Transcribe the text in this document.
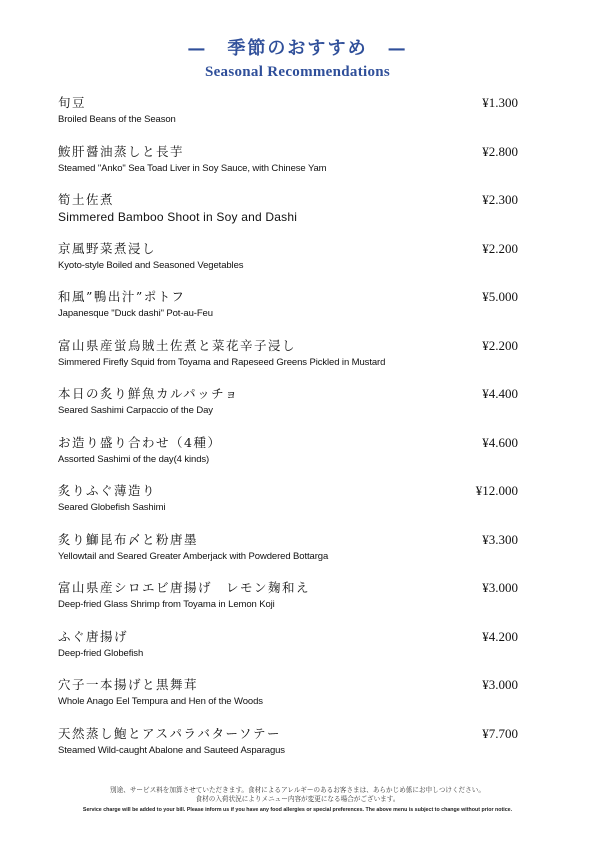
—　季節のおすすめ　—
Seasonal Recommendations
旬豆
Broiled Beans of the Season
¥1.300
鮟肝醤油蒸しと長芋
Steamed "Anko" Sea Toad Liver in Soy Sauce, with Chinese Yam
¥2.800
筍土佐煮
Simmered Bamboo Shoot in Soy and Dashi
¥2.300
京風野菜煮浸し
Kyoto-style Boiled and Seasoned Vegetables
¥2.200
和風”鴨出汁”ポトフ
Japanesque "Duck dashi" Pot-au-Feu
¥5.000
富山県産蛍烏賊土佐煮と菜花辛子浸し
Simmered Firefly Squid from Toyama and Rapeseed Greens Pickled in Mustard
¥2.200
本日の炙り鮮魚カルパッチョ
Seared Sashimi Carpaccio of the Day
¥4.400
お造り盛り合わせ（4種）
Assorted Sashimi of the day(4 kinds)
¥4.600
炙りふぐ薄造り
Seared Globefish Sashimi
¥12.000
炙り鰤昆布〆と粉唐墨
Yellowtail and Seared Greater Amberjack with Powdered Bottarga
¥3.300
富山県産シロエビ唐揚げ　レモン麹和え
Deep-fried Glass Shrimp from Toyama in Lemon Koji
¥3.000
ふぐ唐揚げ
Deep-fried Globefish
¥4.200
穴子一本揚げと黒舞茸
Whole Anago Eel Tempura and Hen of the Woods
¥3.000
天然蒸し鮑とアスパラバターソテー
Steamed Wild-caught Abalone and Sauteed Asparagus
¥7.700
別途、サービス料を加算させていただきます。食材によるアレルギーのあるお客さまは、あらかじめ係にお申しつけください。
食材の入荷状況によりメニュー内容が変更になる場合がございます。
Service charge will be added to your bill. Please inform us if you have any food allergies or special preferences. The above menu is subject to change without prior notice.
